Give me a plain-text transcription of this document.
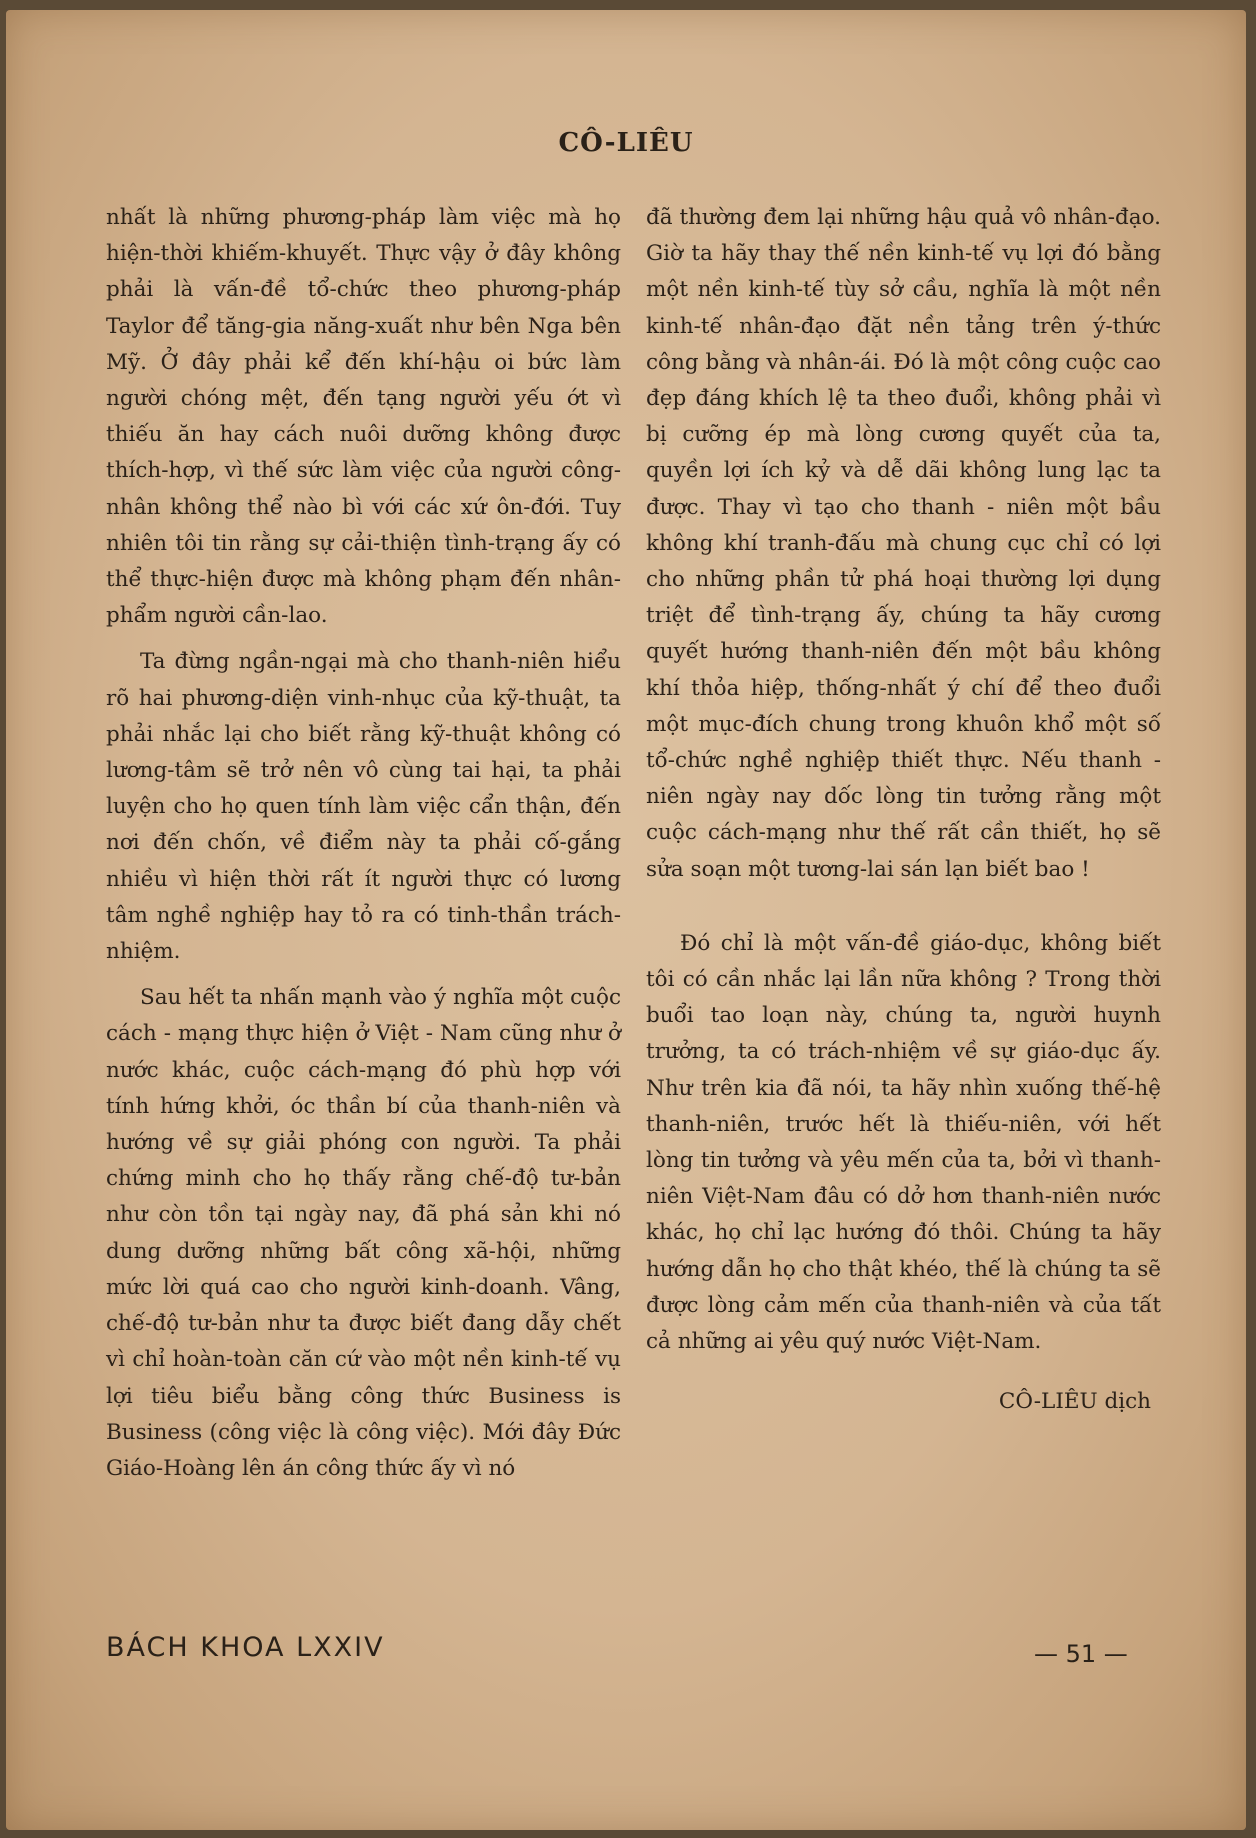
CÔ-LIÊU

nhất là những phương-pháp làm việc mà họ hiện-thời khiếm-khuyết. Thực vậy ở đây không phải là vấn-đề tổ-chức theo phương-pháp Taylor để tăng-gia năng-xuất như bên Nga bên Mỹ. Ở đây phải kể đến khí-hậu oi bức làm người chóng mệt, đến tạng người yếu ớt vì thiếu ăn hay cách nuôi dưỡng không được thích-hợp, vì thế sức làm việc của người công-nhân không thể nào bì với các xứ ôn-đới. Tuy nhiên tôi tin rằng sự cải-thiện tình-trạng ấy có thể thực-hiện được mà không phạm đến nhân-phẩm người cần-lao.

Ta đừng ngần-ngại mà cho thanh-niên hiểu rõ hai phương-diện vinh-nhục của kỹ-thuật, ta phải nhắc lại cho biết rằng kỹ-thuật không có lương-tâm sẽ trở nên vô cùng tai hại, ta phải luyện cho họ quen tính làm việc cẩn thận, đến nơi đến chốn, về điểm này ta phải cố-gắng nhiều vì hiện thời rất ít người thực có lương tâm nghề nghiệp hay tỏ ra có tinh-thần trách-nhiệm.

Sau hết ta nhấn mạnh vào ý nghĩa một cuộc cách - mạng thực hiện ở Việt - Nam cũng như ở nước khác, cuộc cách-mạng đó phù hợp với tính hứng khởi, óc thần bí của thanh-niên và hướng về sự giải phóng con người. Ta phải chứng minh cho họ thấy rằng chế-độ tư-bản như còn tồn tại ngày nay, đã phá sản khi nó dung dưỡng những bất công xã-hội, những mức lời quá cao cho người kinh-doanh. Vâng, chế-độ tư-bản như ta được biết đang dẫy chết vì chỉ hoàn-toàn căn cứ vào một nền kinh-tế vụ lợi tiêu biểu bằng công thức Business is Business (công việc là công việc). Mới đây Đức Giáo-Hoàng lên án công thức ấy vì nó

đã thường đem lại những hậu quả vô nhân-đạo. Giờ ta hãy thay thế nền kinh-tế vụ lợi đó bằng một nền kinh-tế tùy sở cầu, nghĩa là một nền kinh-tế nhân-đạo đặt nền tảng trên ý-thức công bằng và nhân-ái. Đó là một công cuộc cao đẹp đáng khích lệ ta theo đuổi, không phải vì bị cưỡng ép mà lòng cương quyết của ta, quyền lợi ích kỷ và dễ dãi không lung lạc ta được. Thay vì tạo cho thanh - niên một bầu không khí tranh-đấu mà chung cục chỉ có lợi cho những phần tử phá hoại thường lợi dụng triệt để tình-trạng ấy, chúng ta hãy cương quyết hướng thanh-niên đến một bầu không khí thỏa hiệp, thống-nhất ý chí để theo đuổi một mục-đích chung trong khuôn khổ một số tổ-chức nghề nghiệp thiết thực. Nếu thanh - niên ngày nay dốc lòng tin tưởng rằng một cuộc cách-mạng như thế rất cần thiết, họ sẽ sửa soạn một tương-lai sán lạn biết bao !

Đó chỉ là một vấn-đề giáo-dục, không biết tôi có cần nhắc lại lần nữa không ? Trong thời buổi tao loạn này, chúng ta, người huynh trưởng, ta có trách-nhiệm về sự giáo-dục ấy. Như trên kia đã nói, ta hãy nhìn xuống thế-hệ thanh-niên, trước hết là thiếu-niên, với hết lòng tin tưởng và yêu mến của ta, bởi vì thanh-niên Việt-Nam đâu có dở hơn thanh-niên nước khác, họ chỉ lạc hướng đó thôi. Chúng ta hãy hướng dẫn họ cho thật khéo, thế là chúng ta sẽ được lòng cảm mến của thanh-niên và của tất cả những ai yêu quý nước Việt-Nam.

CÔ-LIÊU dịch
BÁCH KHOA LXXIV	— 51 —
